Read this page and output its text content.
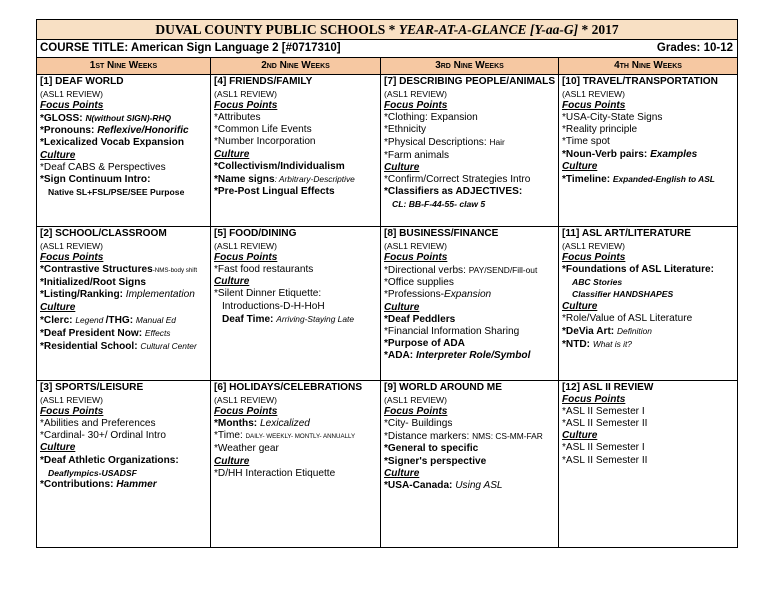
DUVAL COUNTY PUBLIC SCHOOLS * YEAR-AT-A-GLANCE [Y-aa-G] * 2017
COURSE TITLE: American Sign Language 2 [#0717310]	Grades: 10-12
1st Nine Weeks	2nd Nine Weeks	3rd Nine Weeks	4th Nine Weeks
[1] DEAF WORLD
(ASL1 REVIEW)
Focus Points
*GLOSS: N(without SIGN)-RHQ
*Pronouns: Reflexive/Honorific
*Lexicalized Vocab Expansion
Culture
*Deaf CABS & Perspectives
*Sign Continuum Intro:
Native SL+FSL/PSE/SEE Purpose
[4] FRIENDS/FAMILY
(ASL1 REVIEW)
Focus Points
*Attributes
*Common Life Events
*Number Incorporation
Culture
*Collectivism/Individualism
*Name signs: Arbitrary-Descriptive
*Pre-Post Lingual Effects
[7] DESCRIBING PEOPLE/ANIMALS
(ASL1 REVIEW)
Focus Points
*Clothing: Expansion
*Ethnicity
*Physical Descriptions: Hair
*Farm animals
Culture
*Confirm/Correct Strategies Intro
*Classifiers as ADJECTIVES:
CL: BB-F-44-55- claw 5
[10] TRAVEL/TRANSPORTATION
(ASL1 REVIEW)
Focus Points
*USA-City-State Signs
*Reality principle
*Time spot
*Noun-Verb pairs: Examples
Culture
*Timeline: Expanded-English to ASL
[2] SCHOOL/CLASSROOM
(ASL1 REVIEW)
Focus Points
*Contrastive Structures-NMS-body shift
*Initialized/Root Signs
*Listing/Ranking: Implementation
Culture
*Clerc: Legend /THG: Manual Ed
*Deaf President Now: Effects
*Residential School: Cultural Center
[5] FOOD/DINING
(ASL1 REVIEW)
Focus Points
*Fast food restaurants
Culture
*Silent Dinner Etiquette:
Introductions-D-H-HoH
Deaf Time: Arriving-Staying Late
[8] BUSINESS/FINANCE
(ASL1 REVIEW)
Focus Points
*Directional verbs: PAY/SEND/Fill-out
*Office supplies
*Professions-Expansion
Culture
*Deaf Peddlers
*Financial Information Sharing
*Purpose of ADA
*ADA: Interpreter Role/Symbol
[11] ASL ART/LITERATURE
(ASL1 REVIEW)
Focus Points
*Foundations of ASL Literature:
ABC Stories
Classifier HANDSHAPES
Culture
*Role/Value of ASL Literature
*DeVia Art: Definition
*NTD: What is it?
[3] SPORTS/LEISURE
(ASL1 REVIEW)
Focus Points
*Abilities and Preferences
*Cardinal- 30+/ Ordinal Intro
Culture
*Deaf Athletic Organizations:
Deaflympics-USADSF
*Contributions: Hammer
[6] HOLIDAYS/CELEBRATIONS
(ASL1 REVIEW)
Focus Points
*Months: Lexicalized
*Time: DAILY- WEEKLY- MONTLY- ANNUALLY
*Weather gear
Culture
*D/HH Interaction Etiquette
[9] WORLD AROUND ME
(ASL1 REVIEW)
Focus Points
*City- Buildings
*Distance markers: NMS: CS-MM-FAR
*General to specific
*Signer's perspective
Culture
*USA-Canada: Using ASL
[12] ASL II REVIEW
Focus Points
*ASL II Semester I
*ASL II Semester II
Culture
*ASL II Semester I
*ASL II Semester II
